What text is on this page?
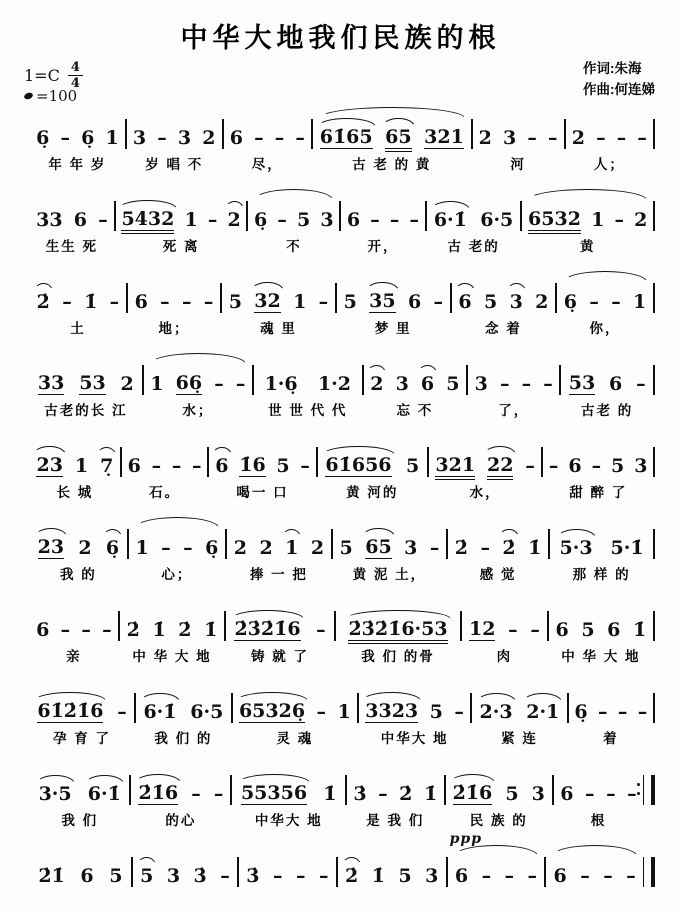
中华大地我们民族的根
$1=C \frac{4}{4}$
=100
作词:朱海
作曲:何连娣
6̣ – 6̣ 1
年 年 岁
3 – 3 2
岁 唱 不
6 – – –
尽，
61̇65 65 321
古 老 的 黄
2 3 – –
河
2 – – –
人；
33 6 –
生生 死
5432 1 – 2
死 离
6̣ – 5 3
不
6 – – –
开，
6·1̇ 6·5
古 老的
6532 1 – 2
黄
2̇ – 1̇ –
土
6 – – –
地；
5 32 1 –
魂 里
5 35 6 –
梦 里
6 5 3 2
念 着
6̣ – – 1
你，
33 53 2
古老的长 江
1 66̣ – –
水；
1·6̣ 1·2
世 世 代 代
2 3 6 5
忘 不
3 – – –
了，
53 6 –
古老 的
23 1 7̣
长 城
6 – – –
石。
6 1̇6 5 –
喝一 口
61̇656 5
黄 河的
321 22 –
水，
– 6 – 5 3
甜 醉 了
23 2 6̣
我 的
1 – – 6̣
心；
2 2 1 2
捧 一 把
5 65 3 –
黄 泥 土，
2̇ – 2̇ 1̇
感 觉
5·3 5·1̇
那 样 的
6 – – –
亲
2̇ 1̇ 2̇ 1̇
中 华 大 地
2̇3̇2̇1̇6 –
铸 就 了
2̇3̇2̇1̇6·53
我 们 的骨
12 – –
肉
6 5 6 1̇
中 华 大 地
61̇2̇1̇6 –
孕 育 了
6·1̇ 6·5
我 们 的
65326̣ – 1
灵 魂
3323 5 –
中华大 地
2·3 2·1
紧 连
6̣ – – –
着
3·5 6·1̇
我 们
2̇1̇6 – –
的心
55356 1̇
中华大 地
3̇ – 2̇ 1̇
是 我 们
2̇1̇6 5 3
民 族 的
6 – – –
根
2̇1̇ 6 5 5 3 3̇ – 3̇ – – – 2̇ 1̇ 5 3
ppp
6 – – – 6 – – –
